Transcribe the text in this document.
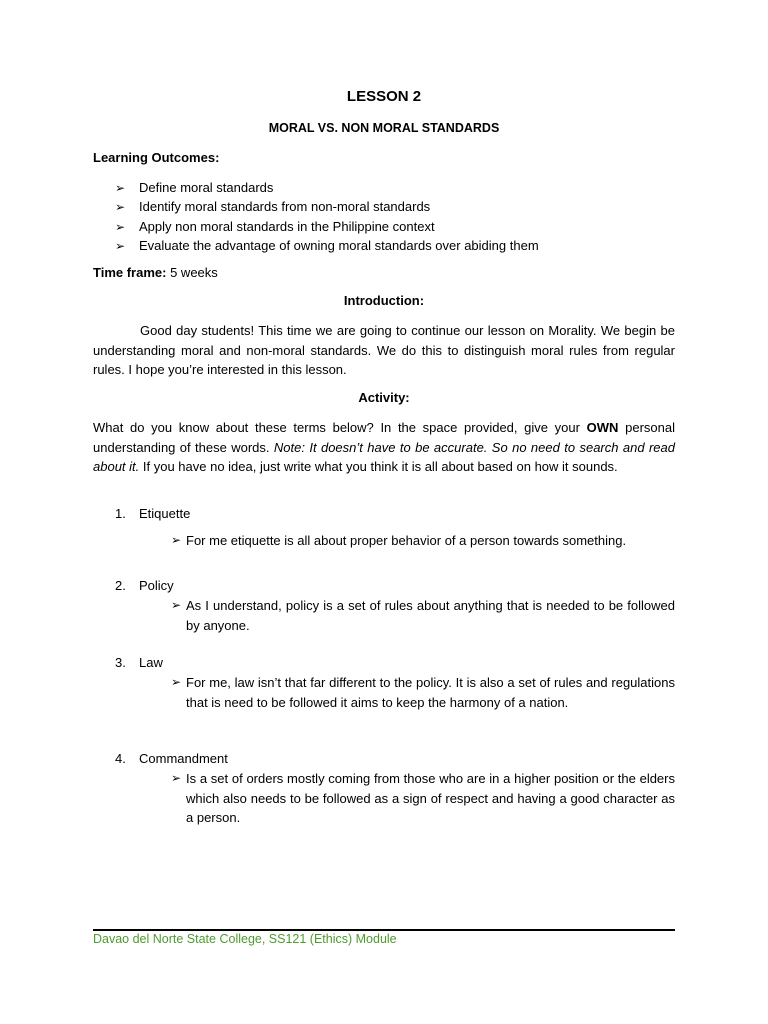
LESSON 2
MORAL VS. NON MORAL STANDARDS
Learning Outcomes:
➢ Define moral standards
➢ Identify moral standards from non-moral standards
➢ Apply non moral standards in the Philippine context
➢ Evaluate the advantage of owning moral standards over abiding them
Time frame: 5 weeks
Introduction:

Good day students! This time we are going to continue our lesson on Morality. We begin be understanding moral and non-moral standards. We do this to distinguish moral rules from regular rules. I hope you’re interested in this lesson.

Activity:

What do you know about these terms below? In the space provided, give your OWN personal understanding of these words. Note: It doesn’t have to be accurate. So no need to search and read about it. If you have no idea, just write what you think it is all about based on how it sounds.

1. Etiquette
➢ For me etiquette is all about proper behavior of a person towards something.

2. Policy
➢ As I understand, policy is a set of rules about anything that is needed to be followed by anyone.

3. Law
➢ For me, law isn’t that far different to the policy. It is also a set of rules and regulations that is need to be followed it aims to keep the harmony of a nation.

4. Commandment
➢ Is a set of orders mostly coming from those who are in a higher position or the elders which also needs to be followed as a sign of respect and having a good character as a person.

Davao del Norte State College, SS121 (Ethics) Module
